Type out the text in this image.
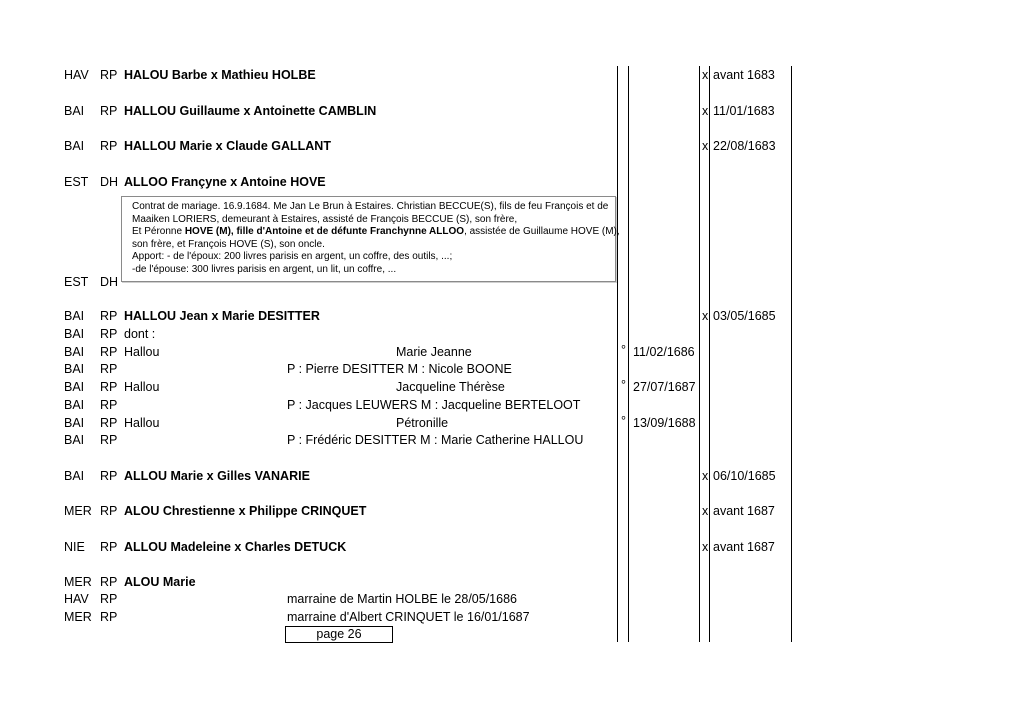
HAV RP HALOU Barbe x Mathieu HOLBE	x avant 1683
BAI RP HALLOU Guillaume x Antoinette CAMBLIN	x 11/01/1683
BAI RP HALLOU Marie x Claude GALLANT	x 22/08/1683
EST DH ALLOO Françyne x Antoine HOVE
Contrat de mariage. 16.9.1684. Me Jan Le Brun à Estaires. Christian BECCUE(S), fils de feu François et de
Maaiken LORIERS, demeurant à Estaires, assisté de François BECCUE (S), son frère,
Et Péronne HOVE (M), fille d'Antoine et de défunte Franchynne ALLOO, assistée de Guillaume HOVE (M),
son frère, et François HOVE (S), son oncle.
Apport: - de l'époux: 200 livres parisis en argent, un coffre, des outils, ...;
-de l'épouse: 300 livres parisis en argent, un lit, un coffre, ...
EST DH
BAI RP HALLOU Jean x Marie DESITTER	x 03/05/1685
BAI RP dont :
BAI RP Hallou	Marie Jeanne	° 11/02/1686
BAI RP	P : Pierre DESITTER M : Nicole BOONE
BAI RP Hallou	Jacqueline Thérèse	° 27/07/1687
BAI RP	P : Jacques LEUWERS M : Jacqueline BERTELOOT
BAI RP Hallou	Pétronille	° 13/09/1688
BAI RP	P : Frédéric DESITTER M : Marie Catherine HALLOU
BAI RP ALLOU Marie x Gilles VANARIE	x 06/10/1685
MER RP ALOU Chrestienne x Philippe CRINQUET	x avant 1687
NIE RP ALLOU Madeleine x Charles DETUCK	x avant 1687
MER RP ALOU Marie
HAV RP	marraine de Martin HOLBE le 28/05/1686
MER RP	marraine d'Albert CRINQUET le 16/01/1687
page 26
